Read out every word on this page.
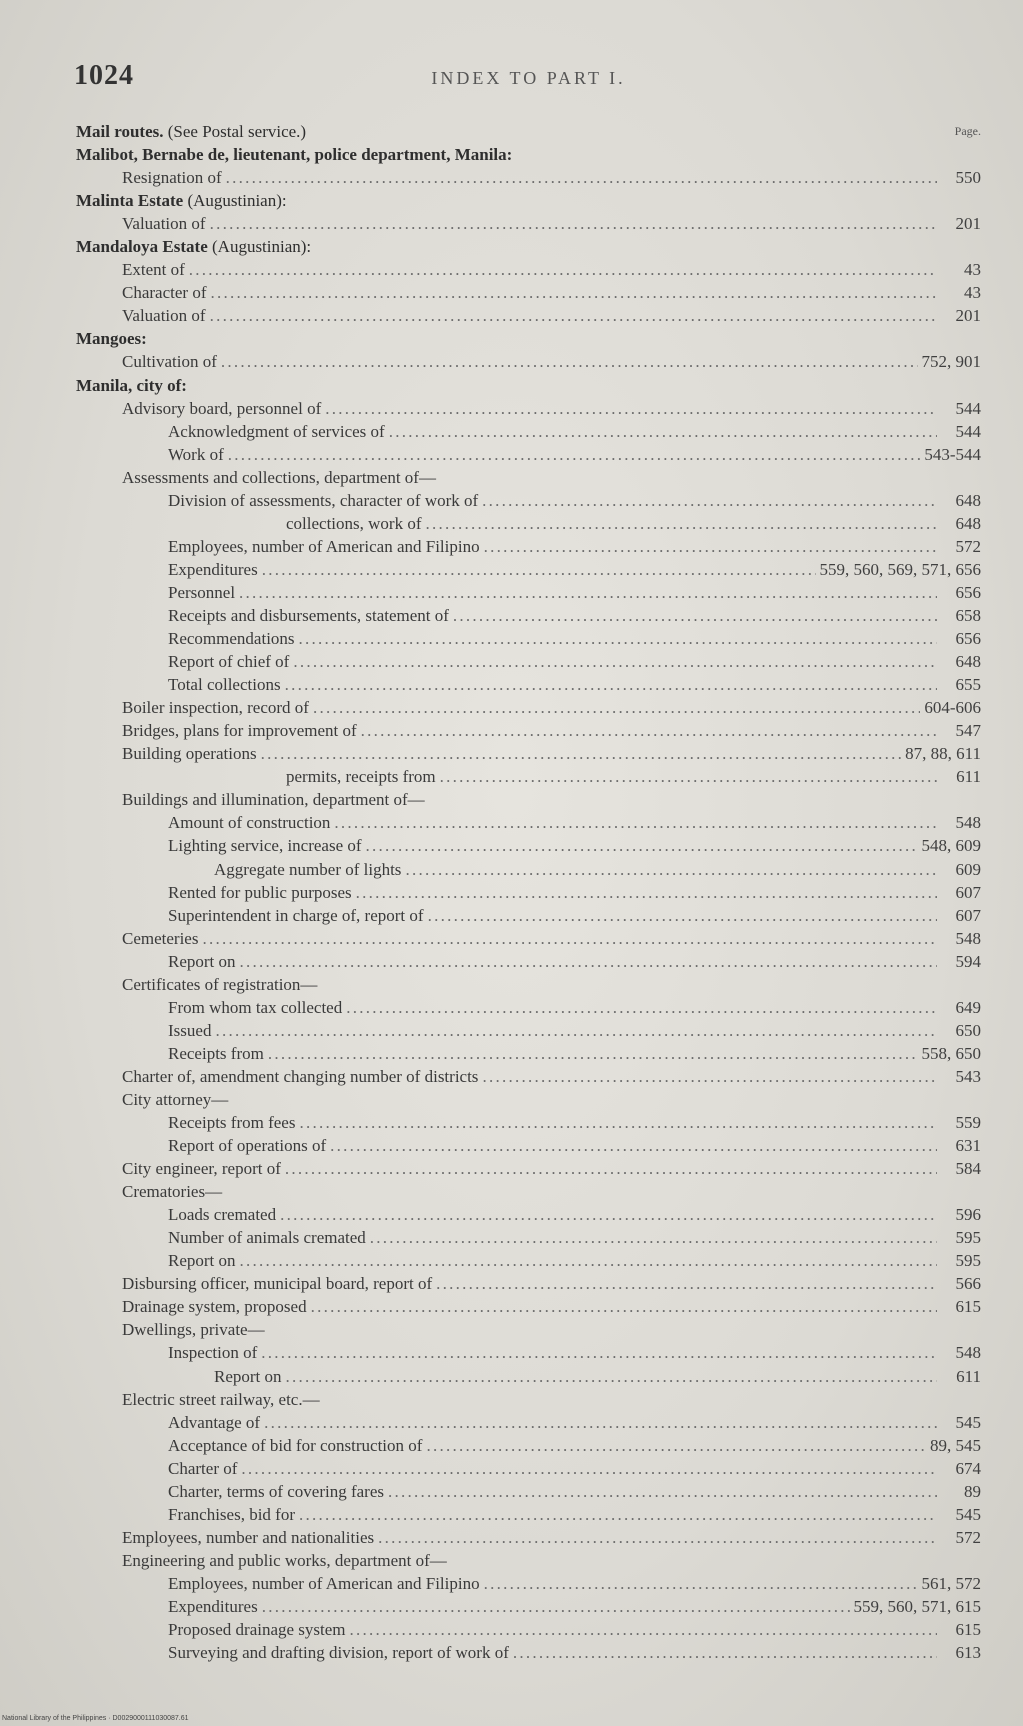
1024	INDEX TO PART I.
Page.
Mail routes. (See Postal service.)
Malibot, Bernabe de, lieutenant, police department, Manila:
Resignation of . . .	550
Malinta Estate (Augustinian):
Valuation of . . .	201
Mandaloya Estate (Augustinian):
Extent of . . .	43
Character of . . .	43
Valuation of . . .	201
Mangoes:
Cultivation of . . .	752, 901
Manila, city of:
Advisory board, personnel of . . .	544
Acknowledgment of services of . . .	544
Work of . . .	543-544
Assessments and collections, department of—
Division of assessments, character of work of . . .	648
collections, work of . . .	648
Employees, number of American and Filipino . . .	572
Expenditures . . .	559, 560, 569, 571, 656
Personnel . . .	656
Receipts and disbursements, statement of . . .	658
Recommendations . . .	656
Report of chief of . . .	648
Total collections . . .	655
Boiler inspection, record of . . .	604-606
Bridges, plans for improvement of . . .	547
Building operations . . .	87, 88, 611
permits, receipts from . . .	611
Buildings and illumination, department of—
Amount of construction . . .	548
Lighting service, increase of . . .	548, 609
Aggregate number of lights . . .	609
Rented for public purposes . . .	607
Superintendent in charge of, report of . . .	607
Cemeteries . . .	548
Report on . . .	594
Certificates of registration—
From whom tax collected . . .	649
Issued . . .	650
Receipts from . . .	558, 650
Charter of, amendment changing number of districts . . .	543
City attorney—
Receipts from fees . . .	559
Report of operations of . . .	631
City engineer, report of . . .	584
Crematories—
Loads cremated . . .	596
Number of animals cremated . . .	595
Report on . . .	595
Disbursing officer, municipal board, report of . . .	566
Drainage system, proposed . . .	615
Dwellings, private—
Inspection of . . .	548
Report on . . .	611
Electric street railway, etc.—
Advantage of . . .	545
Acceptance of bid for construction of . . .	89, 545
Charter of . . .	674
Charter, terms of covering fares . . .	89
Franchises, bid for . . .	545
Employees, number and nationalities . . .	572
Engineering and public works, department of—
Employees, number of American and Filipino . . .	561, 572
Expenditures . . .	559, 560, 571, 615
Proposed drainage system . . .	615
Surveying and drafting division, report of work of . . .	613
National Library of the Philippines · D0029000111030087.61
